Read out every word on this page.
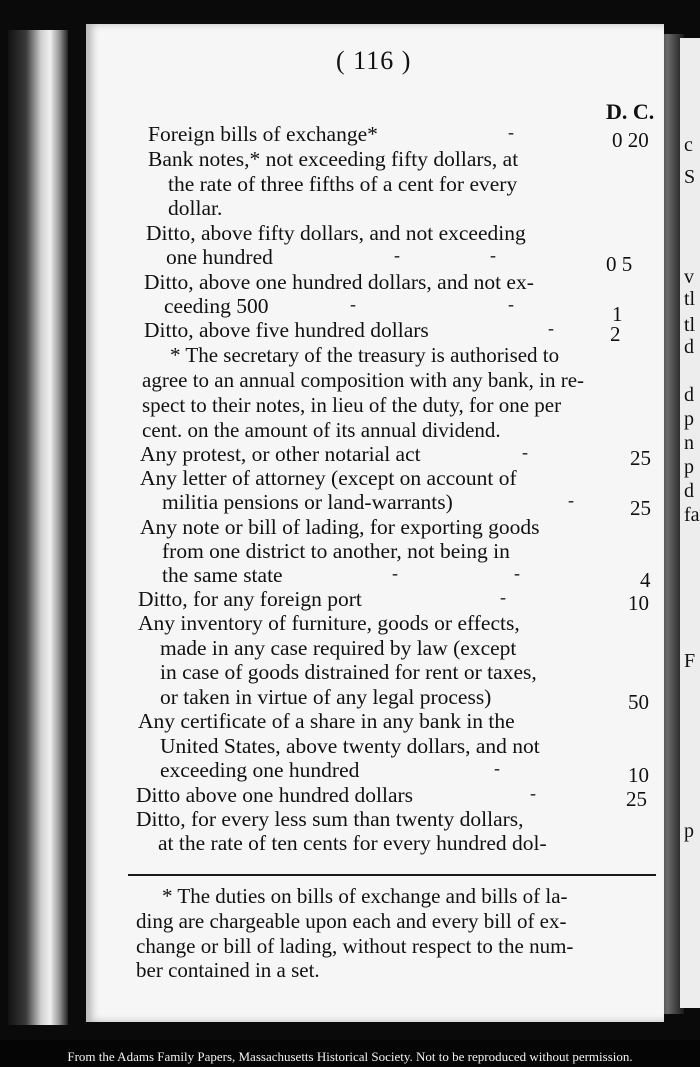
c
S
v
tl
tl
d
d
p
n
p
d
fa
F
p
( 116 )
D. C.
Foreign bills of exchange*	0 20
-
Bank notes,* not exceeding fifty dollars, at
the rate of three fifths of a cent for every
dollar.
Ditto, above fifty dollars, and not exceeding
one hundred	-	-	0 5
Ditto, above one hundred dollars, and not ex-
ceeding 500	-	-	1
Ditto, above five hundred dollars	-	2
* The secretary of the treasury is authorised to
agree to an annual composition with any bank, in re-
spect to their notes, in lieu of the duty, for one per
cent. on the amount of its annual dividend.
Any protest, or other notarial act	-	25
Any letter of attorney (except on account of
militia pensions or land-warrants)	-	25
Any note or bill of lading, for exporting goods
from one district to another, not being in
the same state	-	-	4
Ditto, for any foreign port	-	10
Any inventory of furniture, goods or effects,
made in any case required by law (except
in case of goods distrained for rent or taxes,
or taken in virtue of any legal process)	50
Any certificate of a share in any bank in the
United States, above twenty dollars, and not
exceeding one hundred	-	10
Ditto above one hundred dollars	-	25
Ditto, for every less sum than twenty dollars,
at the rate of ten cents for every hundred dol-
* The duties on bills of exchange and bills of la-
ding are chargeable upon each and every bill of ex-
change or bill of lading, without respect to the num-
ber contained in a set.
From the Adams Family Papers, Massachusetts Historical Society. Not to be reproduced without permission.
